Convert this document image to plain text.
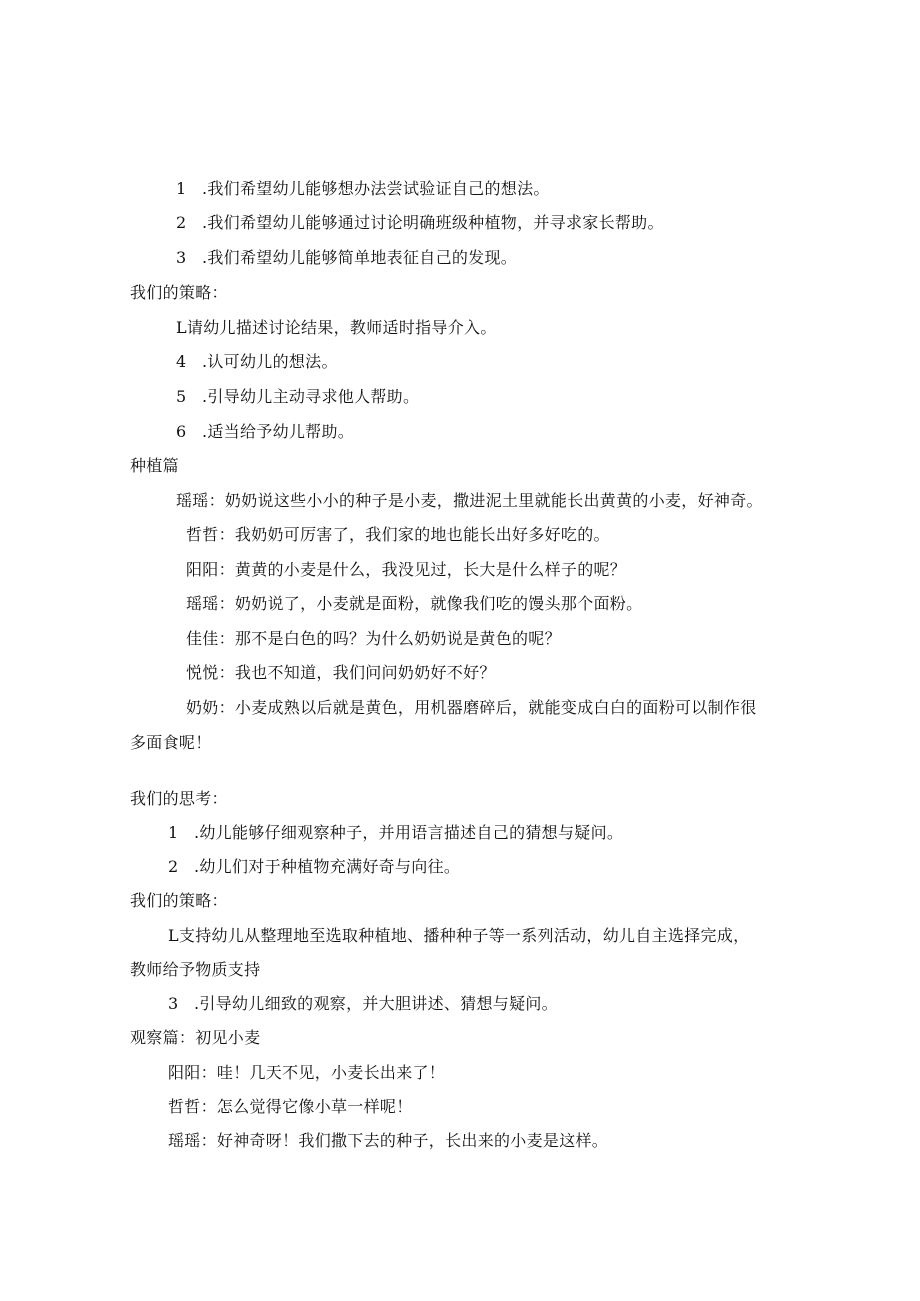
1 .我们希望幼儿能够想办法尝试验证自己的想法。
2 .我们希望幼儿能够通过讨论明确班级种植物，并寻求家长帮助。
3 .我们希望幼儿能够简单地表征自己的发现。
我们的策略：
L请幼儿描述讨论结果，教师适时指导介入。
4 .认可幼儿的想法。
5 .引导幼儿主动寻求他人帮助。
6 .适当给予幼儿帮助。
种植篇
瑶瑶：奶奶说这些小小的种子是小麦，撒进泥土里就能长出黄黄的小麦，好神奇。
哲哲：我奶奶可厉害了，我们家的地也能长出好多好吃的。
阳阳：黄黄的小麦是什么，我没见过，长大是什么样子的呢？
瑶瑶：奶奶说了，小麦就是面粉，就像我们吃的馒头那个面粉。
佳佳：那不是白色的吗？为什么奶奶说是黄色的呢？
悦悦：我也不知道，我们问问奶奶好不好？
奶奶：小麦成熟以后就是黄色，用机器磨碎后，就能变成白白的面粉可以制作很
多面食呢！
我们的思考：
1 .幼儿能够仔细观察种子，并用语言描述自己的猜想与疑问。
2 .幼儿们对于种植物充满好奇与向往。
我们的策略：
L支持幼儿从整理地至选取种植地、播种种子等一系列活动，幼儿自主选择完成，
教师给予物质支持
3 .引导幼儿细致的观察，并大胆讲述、猜想与疑问。
观察篇：初见小麦
阳阳：哇！几天不见，小麦长出来了！
哲哲：怎么觉得它像小草一样呢！
瑶瑶：好神奇呀！我们撒下去的种子，长出来的小麦是这样。
